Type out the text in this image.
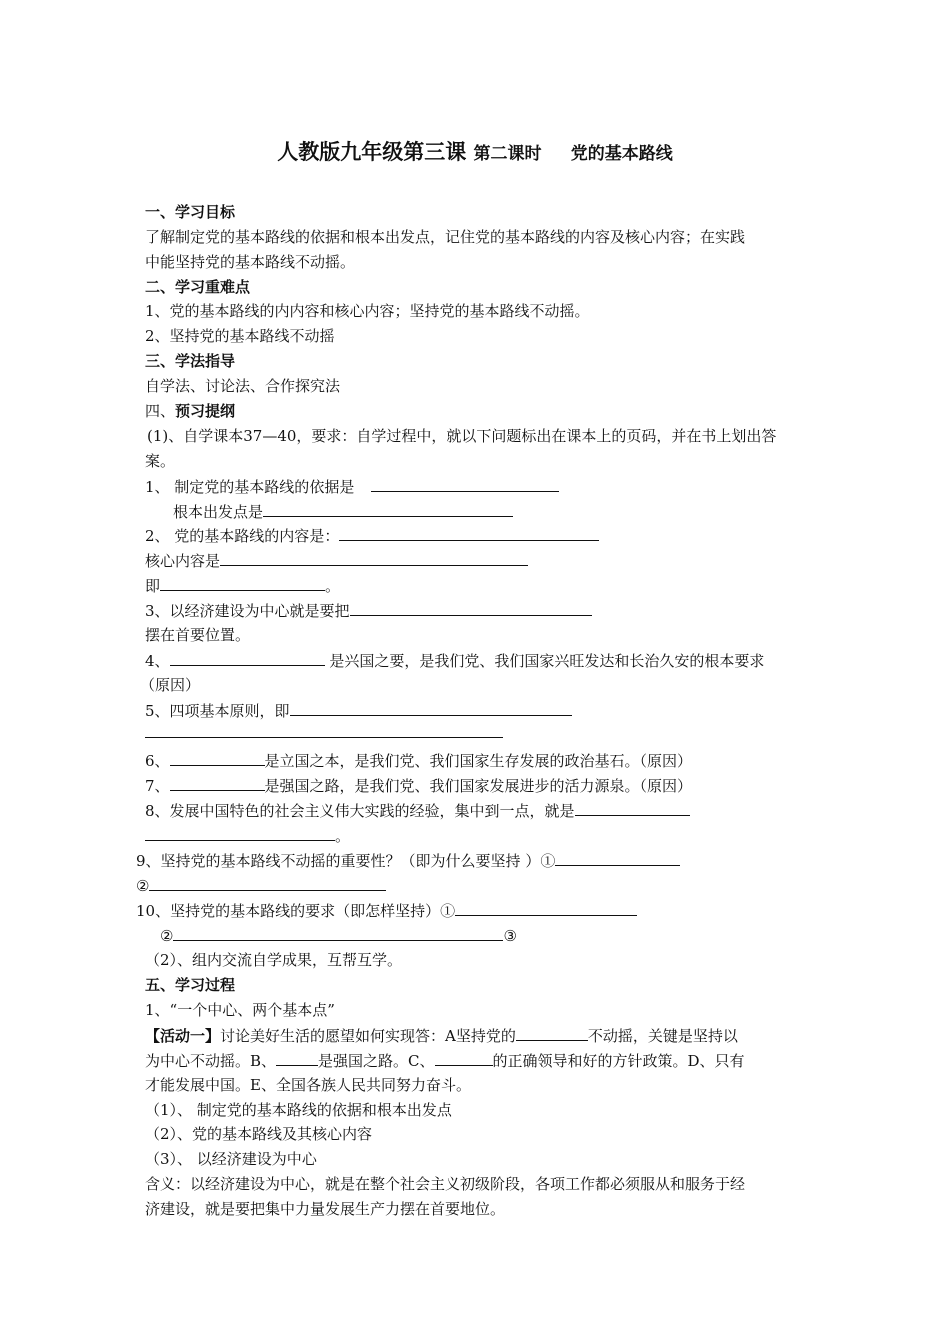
人教版九年级第三课 第二课时 党的基本路线
一、学习目标
了解制定党的基本路线的依据和根本出发点，记住党的基本路线的内容及核心内容；在实践
中能坚持党的基本路线不动摇。
二、学习重难点
1、党的基本路线的内内容和核心内容；坚持党的基本路线不动摇。
2、坚持党的基本路线不动摇
三、学法指导
自学法、讨论法、合作探究法
四、预习提纲
(1)、自学课本37—40，要求：自学过程中，就以下问题标出在课本上的页码，并在书上划出答
案。
1、 制定党的基本路线的依据是
根本出发点是
2、 党的基本路线的内容是：
核心内容是
即	。
3、以经济建设为中心就是要把
摆在首要位置。
4、	是兴国之要，是我们党、我们国家兴旺发达和长治久安的根本要求
（原因）
5、四项基本原则，即
6、	是立国之本，是我们党、我们国家生存发展的政治基石。（原因）
7、	是强国之路，是我们党、我们国家发展进步的活力源泉。（原因）
8、发展中国特色的社会主义伟大实践的经验，集中到一点，就是
。
9、坚持党的基本路线不动摇的重要性？（即为什么要坚持 ）①
②
10、坚持党的基本路线的要求（即怎样坚持）①
②	③
（2）、组内交流自学成果，互帮互学。
五、学习过程
1、“一个中心、两个基本点”
【活动一】讨论美好生活的愿望如何实现答：A坚持党的	不动摇，关键是坚持以
为中心不动摇。B、	是强国之路。C、	的正确领导和好的方针政策。D、只有
才能发展中国。E、全国各族人民共同努力奋斗。
（1）、 制定党的基本路线的依据和根本出发点
（2）、党的基本路线及其核心内容
（3）、 以经济建设为中心
含义：以经济建设为中心，就是在整个社会主义初级阶段，各项工作都必须服从和服务于经
济建设，就是要把集中力量发展生产力摆在首要地位。
